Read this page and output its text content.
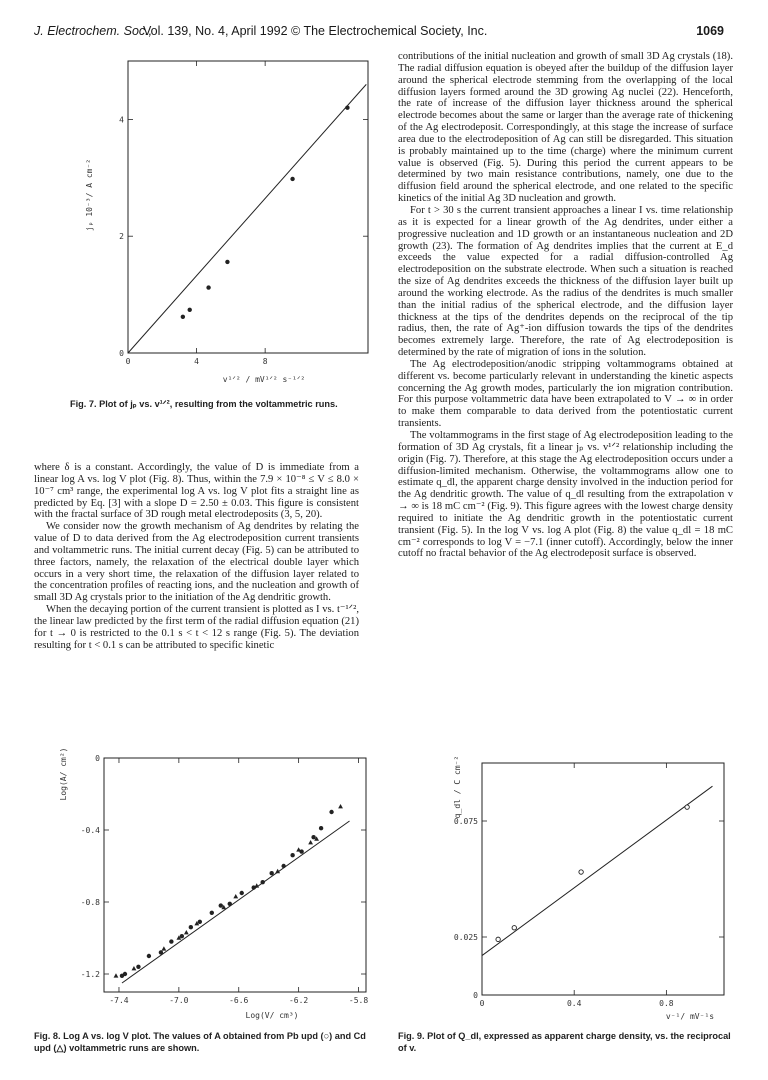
J. Electrochem. Soc.,
Vol. 139, No. 4, April 1992 © The Electrochemical Society, Inc.	1069
jₚ 10⁻³/ A cm⁻²
v¹ᐟ² / mV¹ᐟ² s⁻¹ᐟ²
0	4	8
0
2
4
Fig. 7. Plot of jₚ vs. v¹ᐟ², resulting from the voltammetric runs.
Log(A/ cm²)
Log(V/ cm³)
-7.4	-7.0	-6.6	-6.2	-5.8
0
-0.4
-0.8
-1.2
Fig. 8. Log A vs. log V plot. The values of A obtained from Pb upd (○) and Cd upd (△) voltammetric runs are shown.
q_dl / C cm⁻²
v⁻¹/ mV⁻¹s
0	0.4	0.8
0
0.025
0.075
Fig. 9. Plot of Q_dl, expressed as apparent charge density, vs. the reciprocal of v.

where δ is a constant. Accordingly, the value of D is immediate from a linear log A vs. log V plot (Fig. 8). Thus, within the 7.9 × 10⁻⁸ ≤ V ≤ 8.0 × 10⁻⁷ cm³ range, the experimental log A vs. log V plot fits a straight line as predicted by Eq. [3] with a slope D = 2.50 ± 0.03. This figure is consistent with the fractal surface of 3D rough metal electrodeposits (3, 5, 20).

We consider now the growth mechanism of Ag dendrites by relating the value of D to data derived from the Ag electrodeposition current transients and voltammetric runs. The initial current decay (Fig. 5) can be attributed to three factors, namely, the relaxation of the electrical double layer which occurs in a very short time, the relaxation of the diffusion layer related to the concentration profiles of reacting ions, and the nucleation and growth of small 3D Ag crystals prior to the initiation of the Ag dendritic growth.

When the decaying portion of the current transient is plotted as I vs. t⁻¹ᐟ², the linear law predicted by the first term of the radial diffusion equation (21) for t → 0 is restricted to the 0.1 s < t < 12 s range (Fig. 5). The deviation resulting for t < 0.1 s can be attributed to specific kinetic

contributions of the initial nucleation and growth of small 3D Ag crystals (18). The radial diffusion equation is obeyed after the buildup of the diffusion layer around the spherical electrode stemming from the overlapping of the local diffusion layers formed around the 3D growing Ag nuclei (22). Henceforth, the rate of increase of the diffusion layer thickness around the spherical electrode becomes about the same or larger than the average rate of thickening of the Ag electrodeposit. Correspondingly, at this stage the increase of surface area due to the electrodeposition of Ag can still be disregarded. This situation is probably maintained up to the time (charge) where the minimum current value is observed (Fig. 5). During this period the current appears to be determined by two main resistance contributions, namely, one due to the diffusion field around the spherical electrode, and one related to the specific kinetics of the initial Ag 3D nucleation and growth.

For t > 30 s the current transient approaches a linear I vs. time relationship as it is expected for a linear growth of the Ag dendrites, under either a progressive nucleation and 1D growth or an instantaneous nucleation and 2D growth (23). The formation of Ag dendrites implies that the current at E_d exceeds the value expected for a radial diffusion-controlled Ag electrodeposition on the substrate electrode. When such a situation is reached the size of Ag dendrites exceeds the thickness of the diffusion layer built up around the working electrode. As the radius of the dendrites is much smaller than the initial radius of the spherical electrode, and the diffusion layer thickness at the tips of the dendrites depends on the reciprocal of the tip radius, then, the rate of Ag⁺-ion diffusion towards the tips of the dendrites becomes extremely large. Therefore, the rate of Ag electrodeposition is determined by the rate of migration of ions in the solution.

The Ag electrodeposition/anodic stripping voltammograms obtained at different vs. become particularly relevant in understanding the kinetic aspects concerning the Ag growth modes, particularly the ion migration contribution. For this purpose voltammetric data have been extrapolated to V → ∞ in order to make them comparable to data derived from the potentiostatic current transients.

The voltammograms in the first stage of Ag electrodeposition leading to the formation of 3D Ag crystals, fit a linear jₚ vs. v¹ᐟ² relationship including the origin (Fig. 7). Therefore, at this stage the Ag electrodeposition occurs under a diffusion-limited mechanism. Otherwise, the voltammograms allow one to estimate q_dl, the apparent charge density involved in the induction period for the Ag dendritic growth. The value of q_dl resulting from the extrapolation v → ∞ is 18 mC cm⁻² (Fig. 9). This figure agrees with the lowest charge density required to initiate the Ag dendritic growth in the potentiostatic current transient (Fig. 5). In the log V vs. log A plot (Fig. 8) the value q_dl = 18 mC cm⁻² corresponds to log V = −7.1 (inner cutoff). Accordingly, below the inner cutoff no fractal behavior of the Ag electrodeposit surface is observed.
